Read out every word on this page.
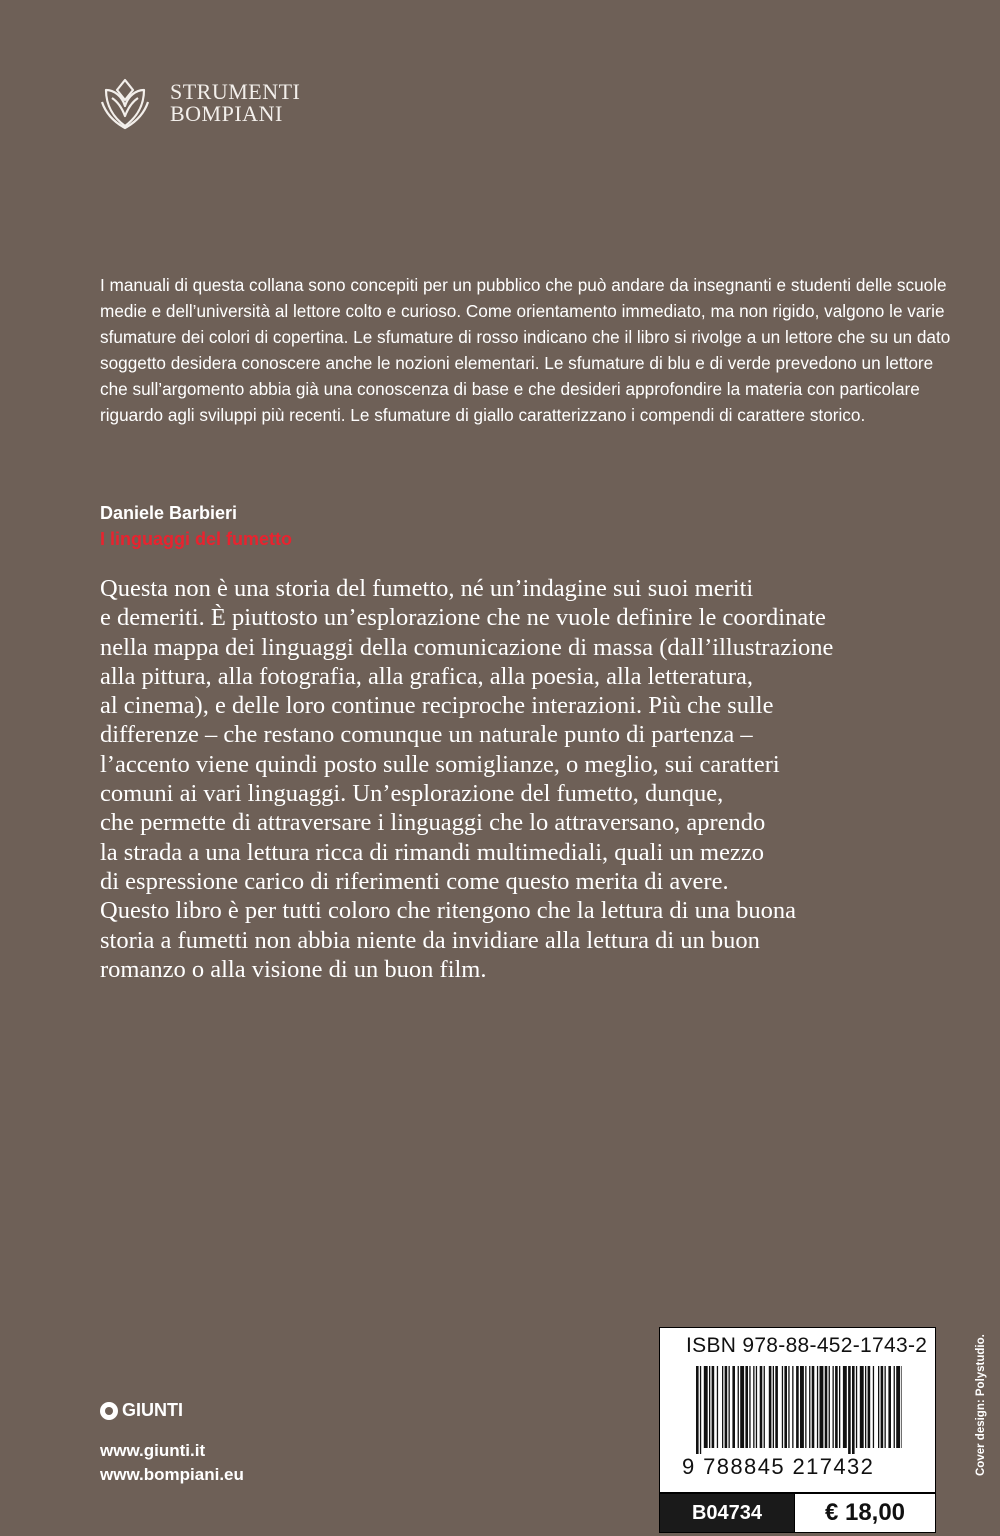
STRUMENTI
BOMPIANI
I manuali di questa collana sono concepiti per un pubblico che può andare da insegnanti e studenti delle scuole
medie e dell’università al lettore colto e curioso. Come orientamento immediato, ma non rigido, valgono le varie
sfumature dei colori di copertina. Le sfumature di rosso indicano che il libro si rivolge a un lettore che su un dato
soggetto desidera conoscere anche le nozioni elementari. Le sfumature di blu e di verde prevedono un lettore
che sull’argomento abbia già una conoscenza di base e che desideri approfondire la materia con particolare
riguardo agli sviluppi più recenti. Le sfumature di giallo caratterizzano i compendi di carattere storico.
Daniele Barbieri
I linguaggi del fumetto
Questa non è una storia del fumetto, né un’indagine sui suoi meriti
e demeriti. È piuttosto un’esplorazione che ne vuole definire le coordinate
nella mappa dei linguaggi della comunicazione di massa (dall’illustrazione
alla pittura, alla fotografia, alla grafica, alla poesia, alla letteratura,
al cinema), e delle loro continue reciproche interazioni. Più che sulle
differenze – che restano comunque un naturale punto di partenza –
l’accento viene quindi posto sulle somiglianze, o meglio, sui caratteri
comuni ai vari linguaggi. Un’esplorazione del fumetto, dunque,
che permette di attraversare i linguaggi che lo attraversano, aprendo
la strada a una lettura ricca di rimandi multimediali, quali un mezzo
di espressione carico di riferimenti come questo merita di avere.
Questo libro è per tutti coloro che ritengono che la lettura di una buona
storia a fumetti non abbia niente da invidiare alla lettura di un buon
romanzo o alla visione di un buon film.
GIUNTI
www.giunti.it
www.bompiani.eu
ISBN 978-88-452-1743-2
9 788845 217432
B04734	€ 18,00
Cover design: Polystudio.
